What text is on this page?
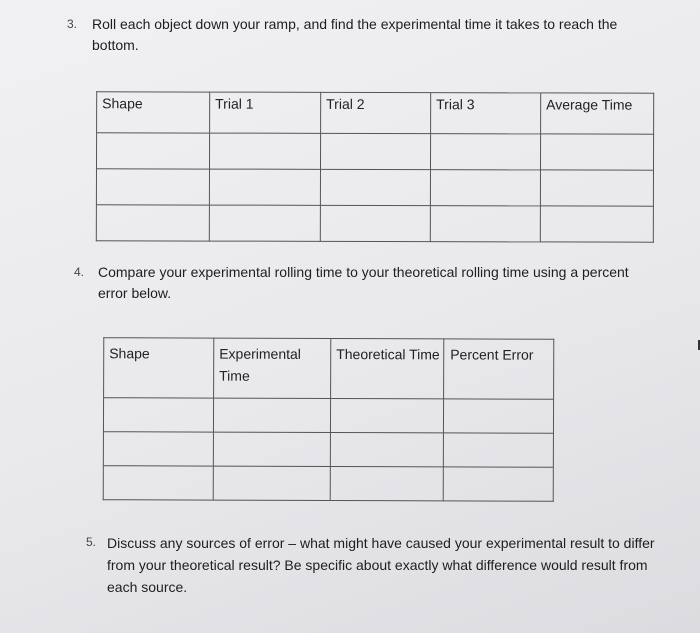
3. Roll each object down your ramp, and find the experimental time it takes to reach the bottom.
Shape	Trial 1	Trial 2	Trial 3	Average Time

4. Compare your experimental rolling time to your theoretical rolling time using a percent error below.
Shape	Experimental Time	Theoretical Time	Percent Error

5. Discuss any sources of error – what might have caused your experimental result to differ from your theoretical result? Be specific about exactly what difference would result from each source.
